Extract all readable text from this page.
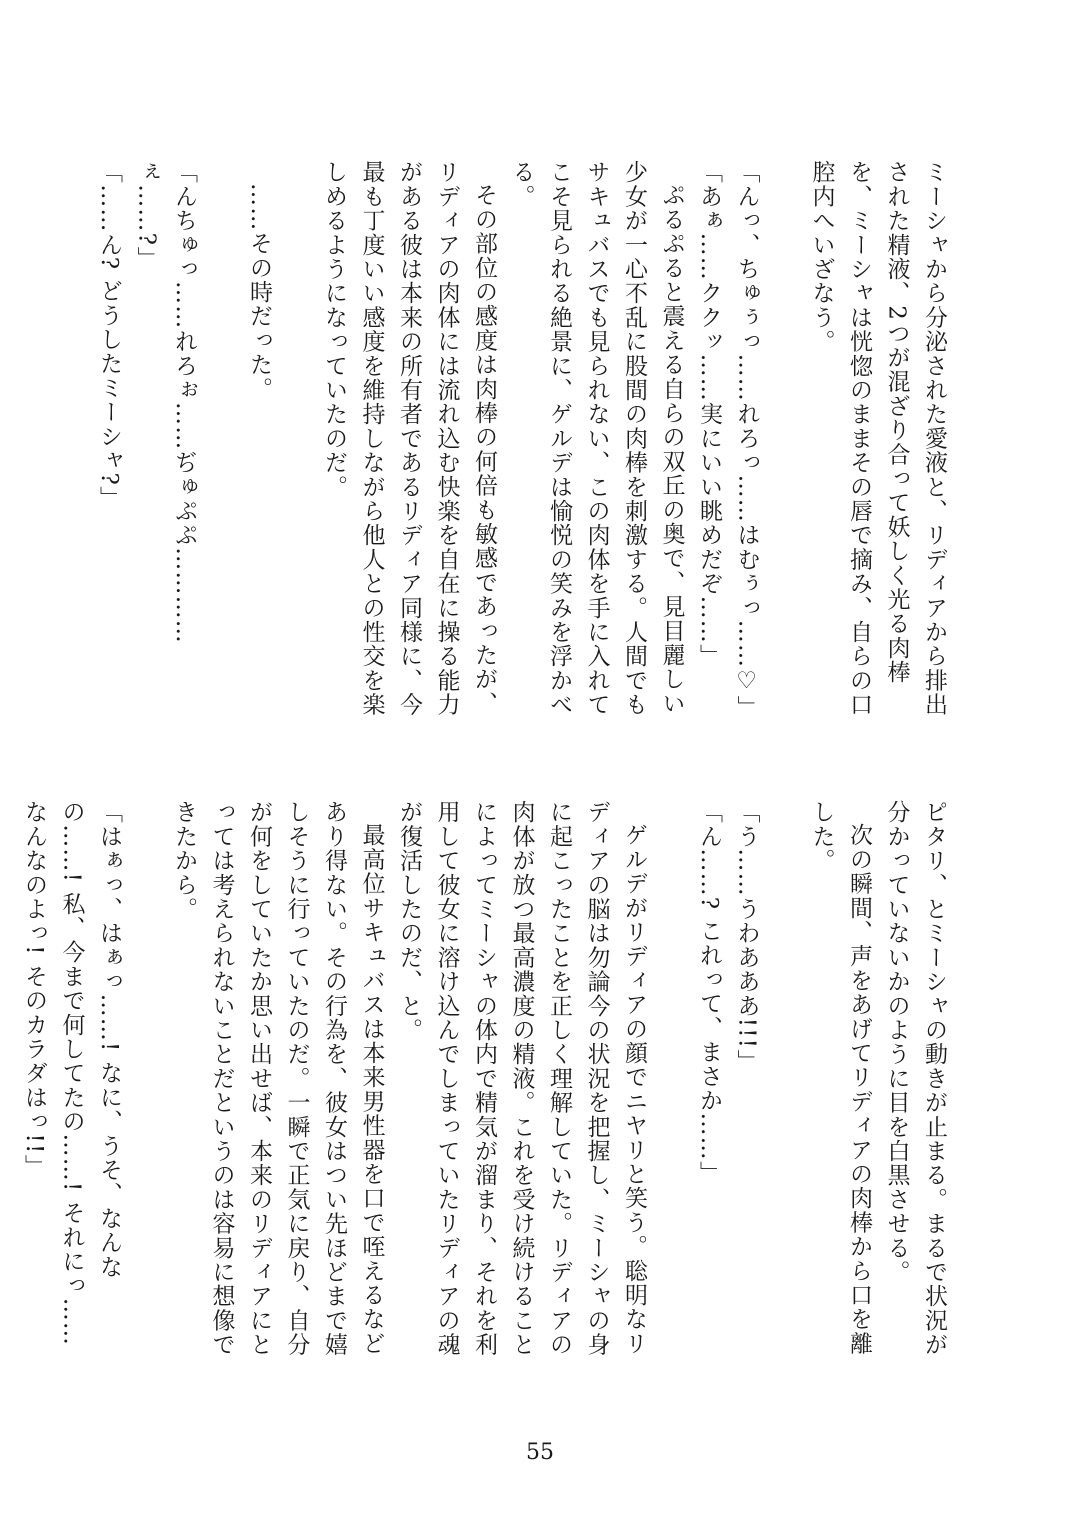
ミーシャから分泌された愛液と、リディアから排出された精液、2つが混ざり合って妖しく光る肉棒を、ミーシャは恍惚のままその唇で摘み、自らの口腔内へいざなう。

「んっ、ちゅぅっ……れろっ……はむぅっ……♡」

「あぁ……ククッ……実にいい眺めだぞ……」

ぷるぷると震える自らの双丘の奥で、見目麗しい少女が一心不乱に股間の肉棒を刺激する。人間でもサキュバスでも見られない、この肉体を手に入れてこそ見られる絶景に、ゲルデは愉悦の笑みを浮かべる。

その部位の感度は肉棒の何倍も敏感であったが、リディアの肉体には流れ込む快楽を自在に操る能力がある彼は本来の所有者であるリディア同様に、今最も丁度いい感度を維持しながら他人との性交を楽しめるようになっていたのだ。

……その時だった。

「んちゅっ……れろぉ……ぢゅぷぷ…………ぇ……?」

「……ん? どうしたミーシャ?」

ピタリ、とミーシャの動きが止まる。まるで状況が分かっていないかのように目を白黒させる。

次の瞬間、声をあげてリディアの肉棒から口を離した。

「う……うわあああ!!!」

「ん……? これって、まさか……」

ゲルデがリディアの顔でニヤリと笑う。聡明なリディアの脳は勿論今の状況を把握し、ミーシャの身に起こったことを正しく理解していた。リディアの肉体が放つ最高濃度の精液。これを受け続けることによってミーシャの体内で精気が溜まり、それを利用して彼女に溶け込んでしまっていたリディアの魂が復活したのだ、と。

最高位サキュバスは本来男性器を口で咥えるなどあり得ない。その行為を、彼女はつい先ほどまで嬉しそうに行っていたのだ。一瞬で正気に戻り、自分が何をしていたか思い出せば、本来のリディアにとっては考えられないことだというのは容易に想像できたから。

「はぁっ、はぁっ……! なに、うそ、なんなの……! 私、今まで何してたの……! それにっ……なんなのよっ! そのカラダはっ!!」

55
